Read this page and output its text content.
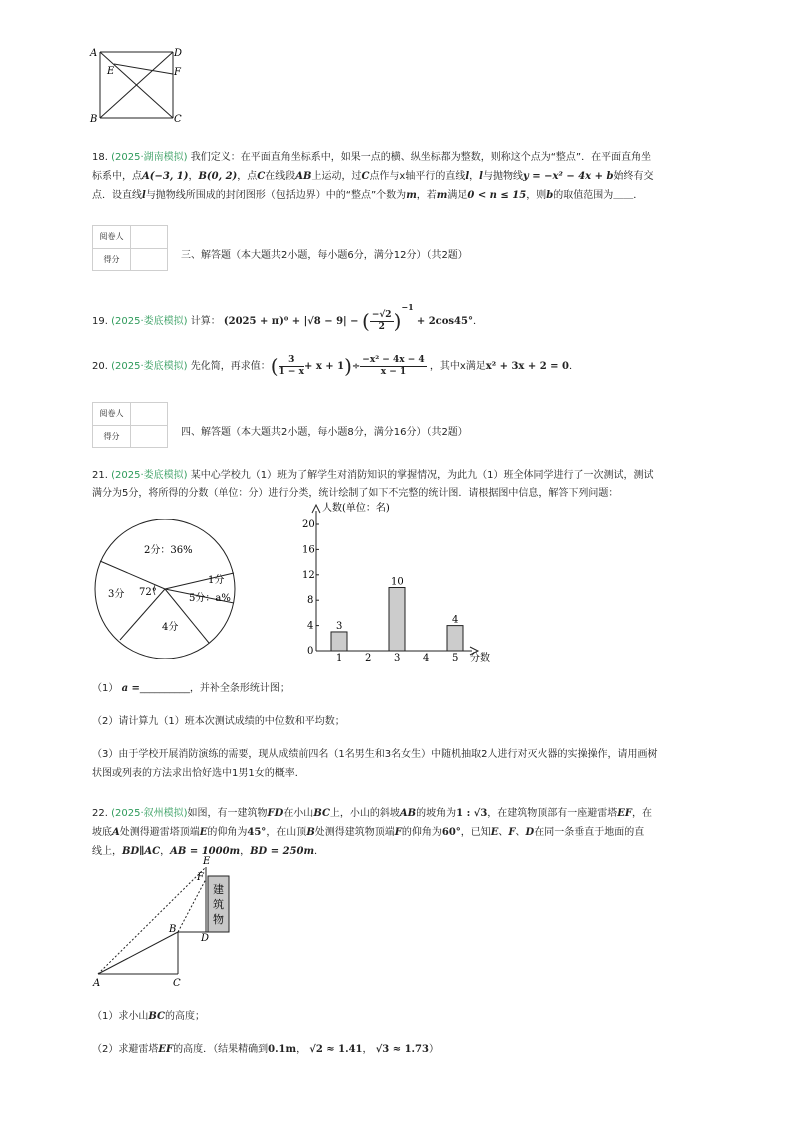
A	D
E	F
B	C
18. (2025·湖南模拟) 我们定义：在平面直角坐标系中，如果一点的横、纵坐标都为整数，则称这个点为“整点”．在平面直角坐
标系中，点A(−3, 1)，B(0, 2)，点C在线段AB上运动，过C点作与x轴平行的直线l，l与抛物线y = −x² − 4x + b始终有交
点．设直线l与抛物线所围成的封闭图形（包括边界）中的“整点”个数为m，若m满足0 < n ≤ 15，则b的取值范围为＿＿．
阅卷人
得分	三、解答题（本大题共2小题，每小题6分，满分12分）（共2题）
19. (2025·娄底模拟) 计算： (2025 + π)⁰ + |√8 − 9| − ( $\frac{-√2}{2} )^{-1} + 2\cos 45^\circ$．
20. (2025·娄底模拟) 先化简，再求值：( $\frac{3}{1 - x} + x + 1)\div \frac{\text{−x² − 4x − 4}}{x - 1}$ ，其中x满足x² + 3x + 2 = 0．
阅卷人
得分	四、解答题（本大题共2小题，每小题8分，满分16分）（共2题）
21. (2025·娄底模拟) 某中心学校九（1）班为了解学生对消防知识的掌握情况，为此九（1）班全体同学进行了一次测试，测试
满分为5分，将所得的分数（单位：分）进行分类，统计绘制了如下不完整的统计图．请根据图中信息，解答下列问题：
2分：36%
1分
5分：a%
4分
3分 72°
人数(单位：名)
分数
0
4
8
12
16
20
1 2 3 4 5
3
10
4
（1） a =__________，并补全条形统计图；
（2）请计算九（1）班本次测试成绩的中位数和平均数；
（3）由于学校开展消防演练的需要，现从成绩前四名（1名男生和3名女生）中随机抽取2人进行对灭火器的实操操作，请用画树
状图或列表的方法求出恰好选中1男1女的概率．
22. (2025·叙州模拟)如图，有一建筑物FD在小山BC上，小山的斜坡AB的坡角为1 : √3，在建筑物顶部有一座避雷塔EF，在
坡底A处测得避雷塔顶端E的仰角为45°，在山顶B处测得建筑物顶端F的仰角为60°，已知E、F、D在同一条垂直于地面的直
线上，BD∥AC，AB = 1000m，BD = 250m．
建
筑
物
E
F
B
D
A	C
（1）求小山BC的高度；
（2）求避雷塔EF的高度．（结果精确到0.1m， √2 ≈ 1.41， √3 ≈ 1.73）
